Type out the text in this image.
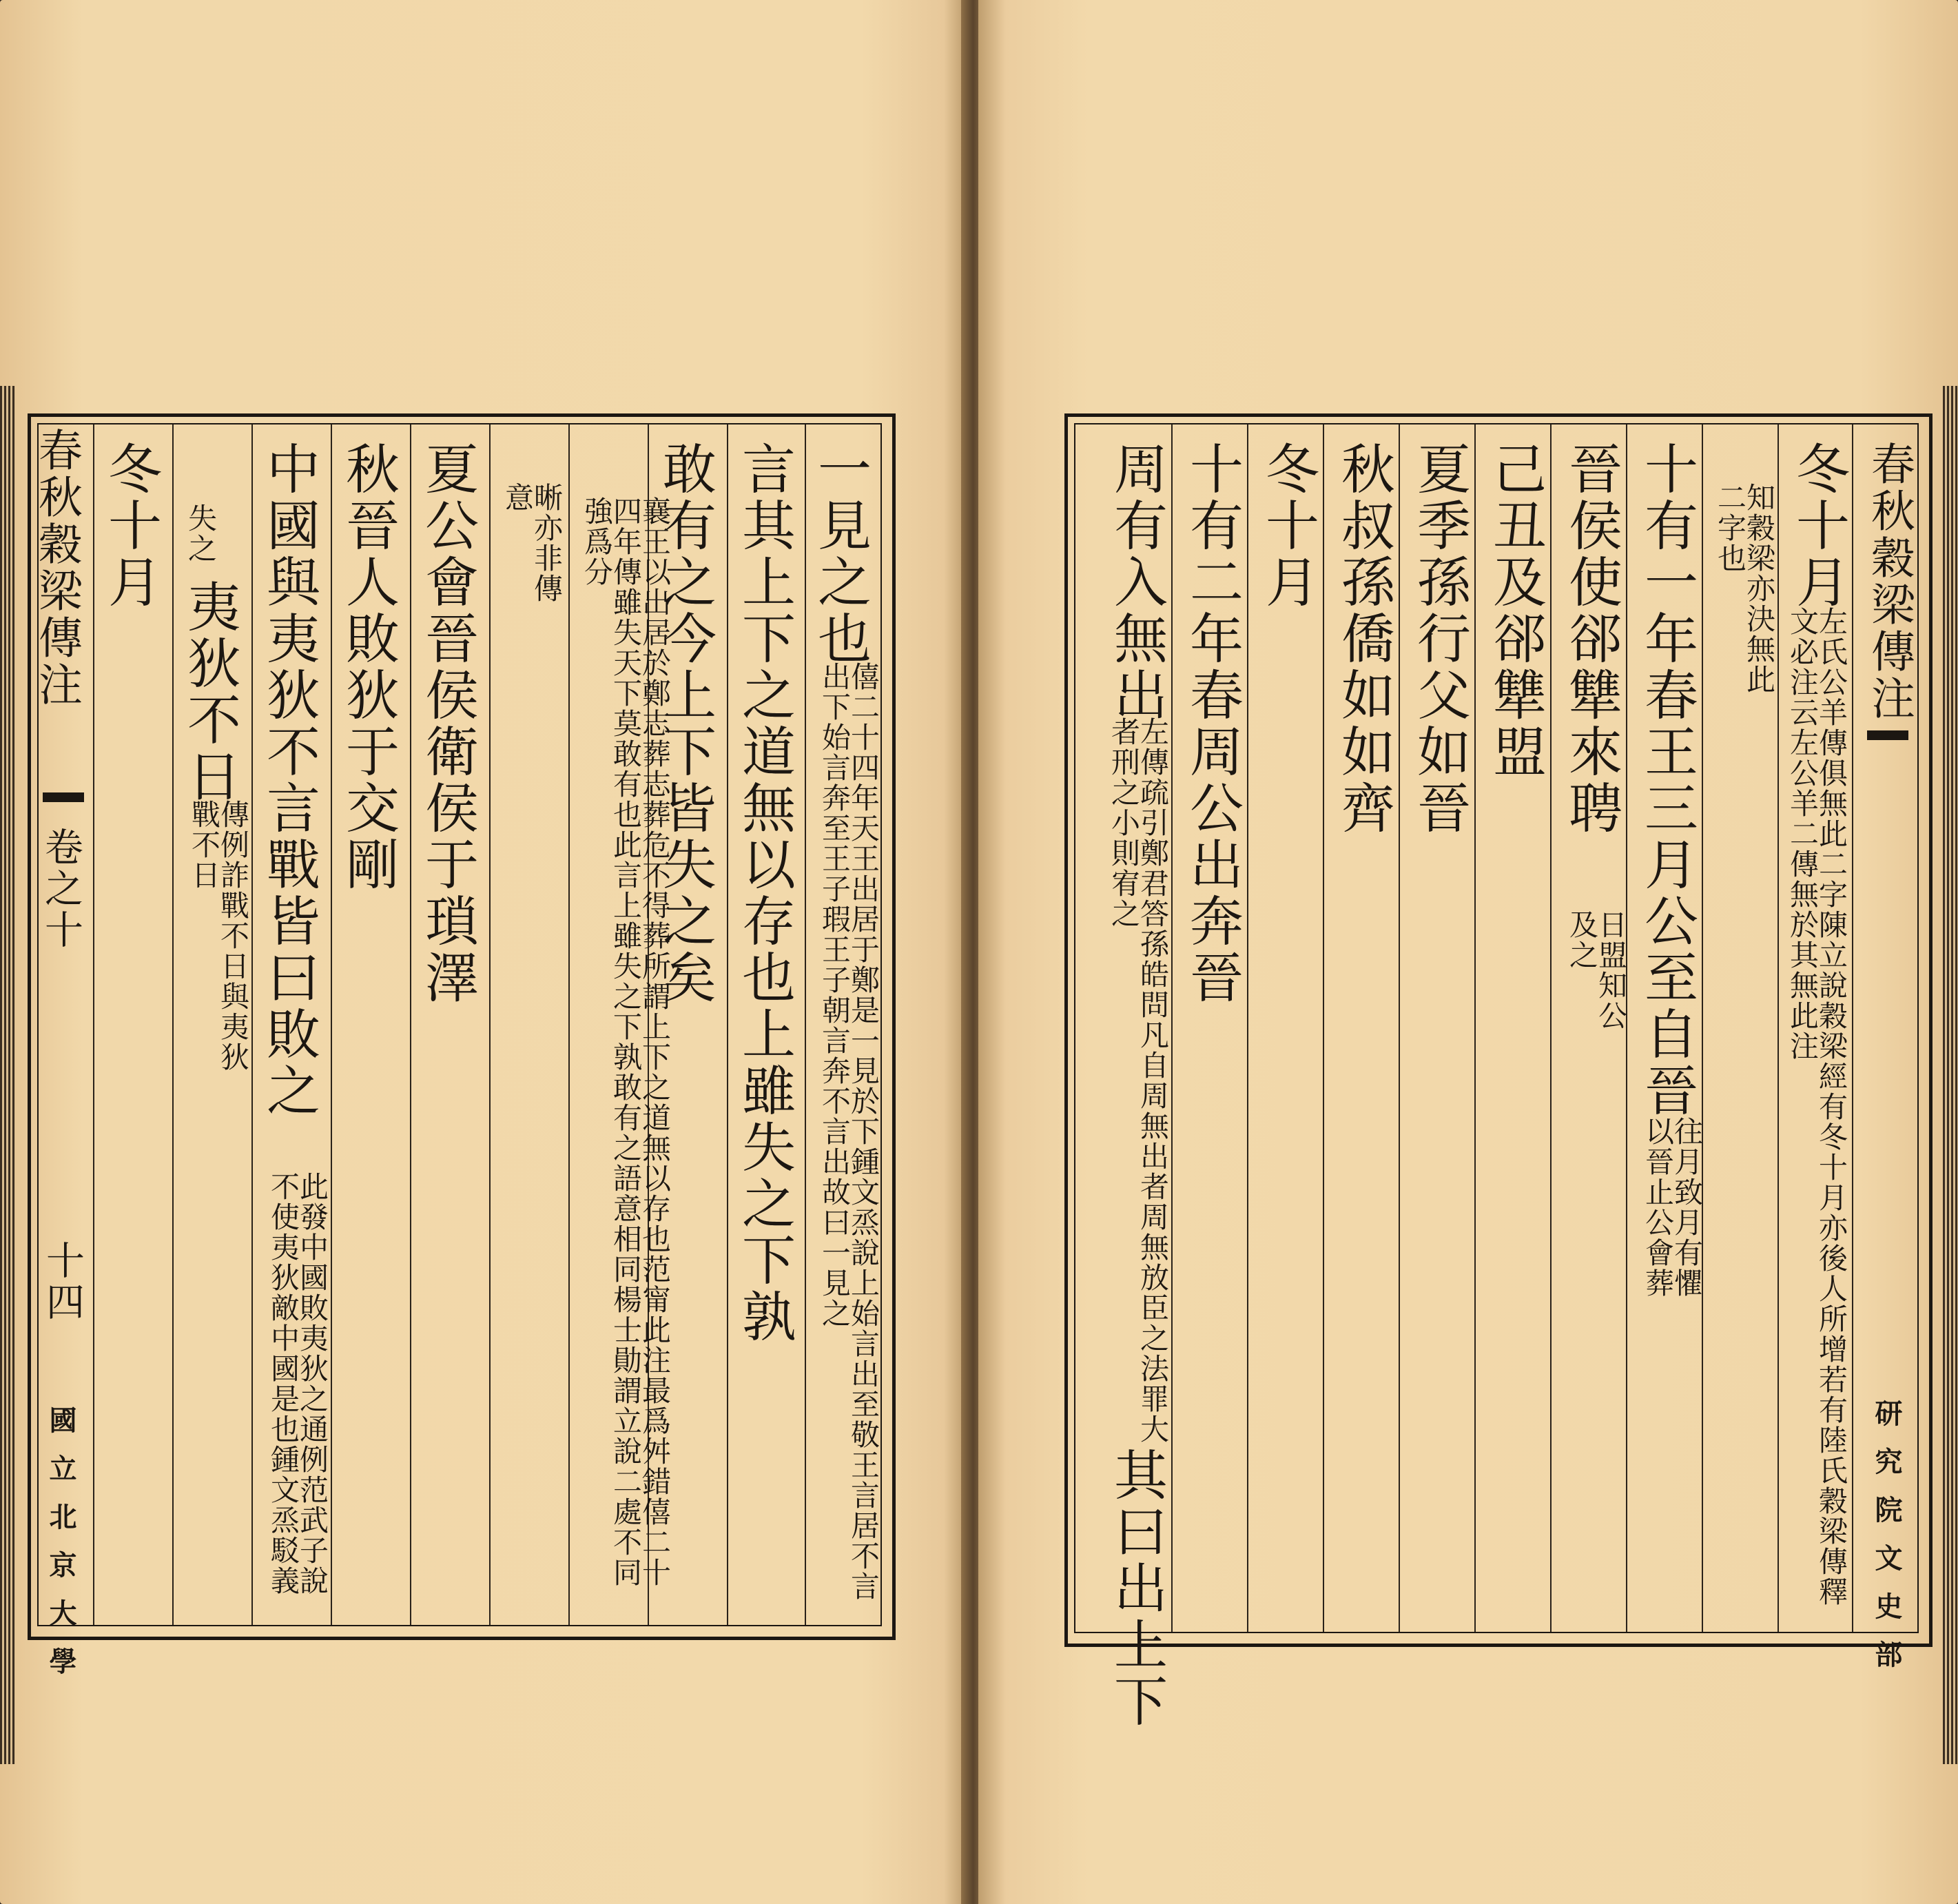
一見之也
僖二十四年天王出居于鄭是一見於下鍾文烝說上始言出至敬王言居不言出下始言奔至王子瑕王子朝言奔不言出故曰一見之
言其上下之道無以存也上雖失之下孰
敢有之今上下皆失之矣
襄王以出居於鄭志葬志葬危不得葬所謂上下之道無以存也范甯此注最爲舛錯僖二十四年傳雖失天下莫敢有也此言上雖失之下孰敢有之語意相同楊士勛謂立說二處不同強爲分
晰亦非傳意
夏公會晉侯衛侯于瑣澤
秋晉人敗狄于交剛
中國與夷狄不言戰皆曰敗之
此發中國敗夷狄之通例范武子說不使夷狄敵中國是也鍾文烝駁義
失之
夷狄不日
傳例詐戰不日與夷狄戰不日
冬十月
春秋穀梁傳注
卷之十
十四
國立北京大學
春秋穀梁傳注
研究院文史部
冬十月
左氏公羊傳俱無此二字陳立說穀梁經有冬十月亦後人所增若有陸氏穀梁傳釋文必注云左公羊二傳無於其無此注
知穀梁亦決無此二字也
十有一年春王三月公至自晉
往月致月有懼以晉止公會葬
晉侯使郤犨來聘
日盟知公及之
己丑及郤犨盟
夏季孫行父如晉
秋叔孫僑如如齊
冬十月
十有二年春周公出奔晉
周有入無出
左傳疏引鄭君答孫皓問凡自周無出者周無放臣之法罪大者刑之小則宥之
其曰出上下
